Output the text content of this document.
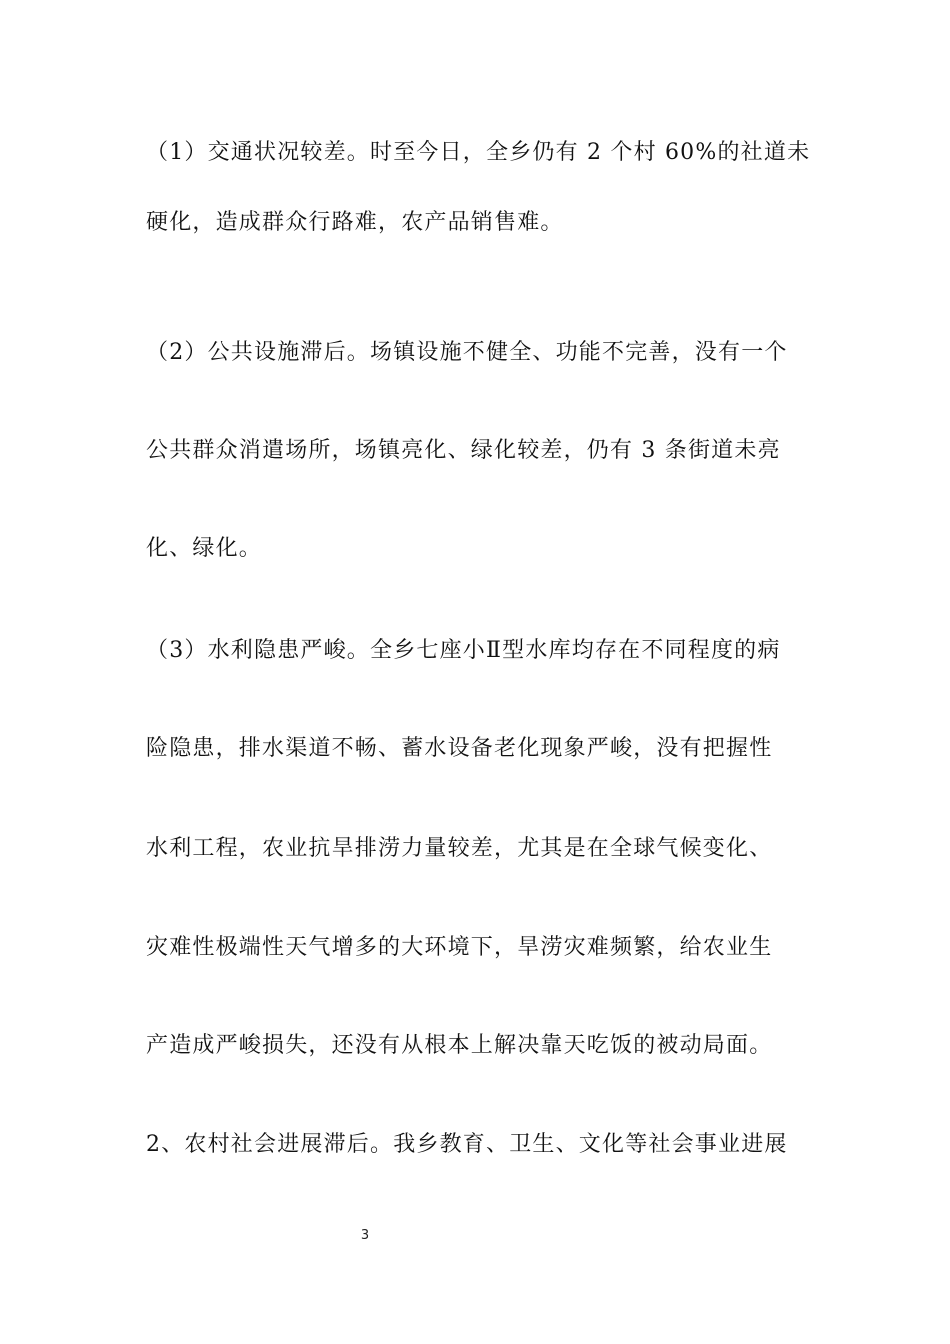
（1）交通状况较差。时至今日，全乡仍有 2 个村 60%的社道未
硬化，造成群众行路难，农产品销售难。
（2）公共设施滞后。场镇设施不健全、功能不完善，没有一个
公共群众消遣场所，场镇亮化、绿化较差，仍有 3 条街道未亮
化、绿化。
（3）水利隐患严峻。全乡七座小Ⅱ型水库均存在不同程度的病
险隐患，排水渠道不畅、蓄水设备老化现象严峻，没有把握性
水利工程，农业抗旱排涝力量较差，尤其是在全球气候变化、
灾难性极端性天气增多的大环境下，旱涝灾难频繁，给农业生
产造成严峻损失，还没有从根本上解决靠天吃饭的被动局面。
2、农村社会进展滞后。我乡教育、卫生、文化等社会事业进展
3
